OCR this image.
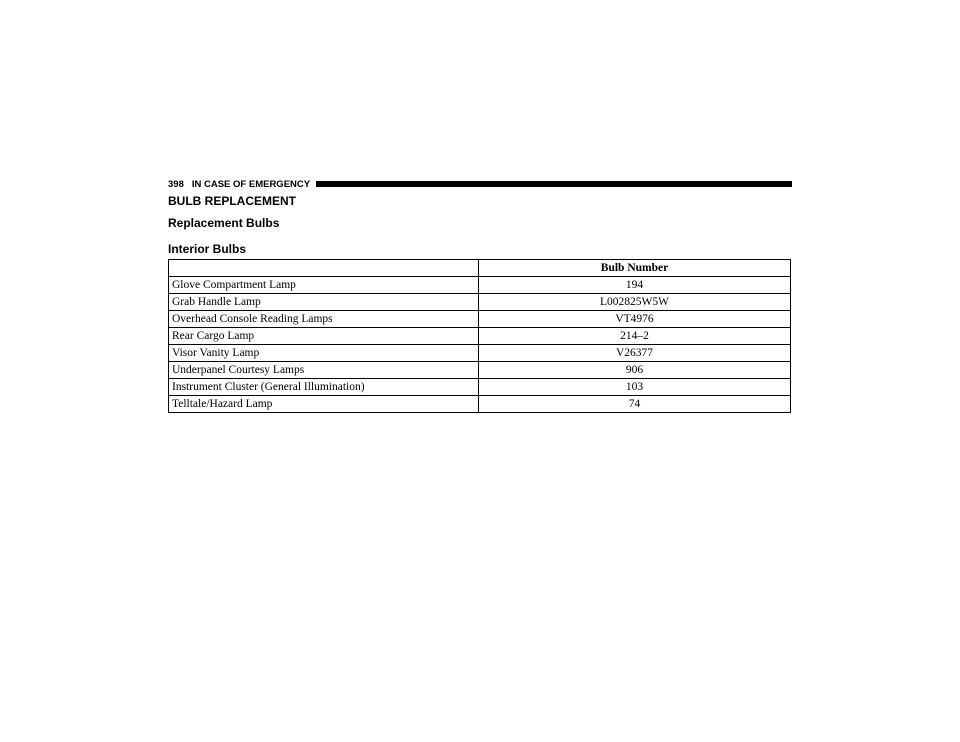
398 IN CASE OF EMERGENCY
BULB REPLACEMENT
Replacement Bulbs
Interior Bulbs
	Bulb Number
Glove Compartment Lamp	194
Grab Handle Lamp	L002825W5W
Overhead Console Reading Lamps	VT4976
Rear Cargo Lamp	214–2
Visor Vanity Lamp	V26377
Underpanel Courtesy Lamps	906
Instrument Cluster (General Illumination)	103
Telltale/Hazard Lamp	74
